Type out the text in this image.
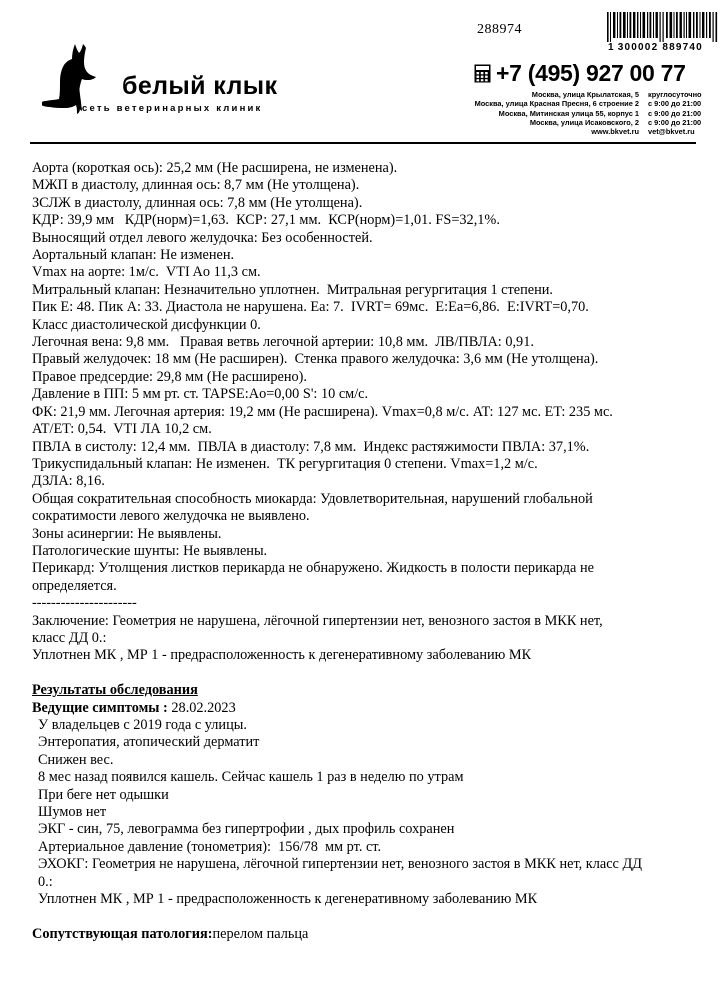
белый клык
сеть ветеринарных клиник
288974
1 300002 889740
+7 (495) 927 00 77
Москва, улица Крылатская, 5	круглосуточно
Москва, улица Красная Пресня, 6 строение 2	с 9:00 до 21:00
Москва, Митинская улица 55, корпус 1	с 9:00 до 21:00
Москва, улица Исаковского, 2	с 9:00 до 21:00
www.bkvet.ru	vet@bkvet.ru
Аорта (короткая ось): 25,2 мм (Не расширена, не изменена).
МЖП в диастолу, длинная ось: 8,7 мм (Не утолщена).
ЗСЛЖ в диастолу, длинная ось: 7,8 мм (Не утолщена).
КДР: 39,9 мм   КДР(норм)=1,63.  КСР: 27,1 мм.  КСР(норм)=1,01. FS=32,1%.
Выносящий отдел левого желудочка: Без особенностей.
Аортальный клапан: Не изменен.
Vmax на аорте: 1м/с.  VTI Ao 11,3 см.
Митральный клапан: Незначительно уплотнен.  Митральная регургитация 1 степени.
Пик Е: 48. Пик А: 33. Диастола не нарушена. Ea: 7.  IVRT= 69мс.  E:Ea=6,86.  E:IVRT=0,70.
Класс диастолической дисфункции 0.
Легочная вена: 9,8 мм.   Правая ветвь легочной артерии: 10,8 мм.  ЛВ/ПВЛА: 0,91.
Правый желудочек: 18 мм (Не расширен).  Стенка правого желудочка: 3,6 мм (Не утолщена).
Правое предсердие: 29,8 мм (Не расширено).
Давление в ПП: 5 мм рт. ст. TAPSE:Ao=0,00 S': 10 см/с.
ФК: 21,9 мм. Легочная артерия: 19,2 мм (Не расширена). Vmax=0,8 м/с. AT: 127 мс. ET: 235 мс.
AT/ET: 0,54.  VTI ЛА 10,2 см.
ПВЛА в систолу: 12,4 мм.  ПВЛА в диастолу: 7,8 мм.  Индекс растяжимости ПВЛА: 37,1%.
Трикуспидальный клапан: Не изменен.  ТК регургитация 0 степени. Vmax=1,2 м/с.
ДЗЛА: 8,16.
Общая сократительная способность миокарда: Удовлетворительная, нарушений глобальной
сократимости левого желудочка не выявлено.
Зоны асинергии: Не выявлены.
Патологические шунты: Не выявлены.
Перикард: Утолщения листков перикарда не обнаружено. Жидкость в полости перикарда не
определяется.
----------------------
Заключение: Геометрия не нарушена, лёгочной гипертензии нет, венозного застоя в МКК нет,
класс ДД 0.:
Уплотнен МК , МР 1 - предрасположенность к дегенеративному заболеванию МК
Результаты обследования
Ведущие симптомы : 28.02.2023
У владельцев с 2019 года с улицы.
Энтеропатия, атопический дерматит
Снижен вес.
8 мес назад появился кашель. Сейчас кашель 1 раз в неделю по утрам
При беге нет одышки
Шумов нет
ЭКГ - син, 75, левограмма без гипертрофии , дых профиль сохранен
Артериальное давление (тонометрия):  156/78  мм рт. ст.
ЭХОКГ: Геометрия не нарушена, лёгочной гипертензии нет, венозного застоя в МКК нет, класс ДД
0.:
Уплотнен МК , МР 1 - предрасположенность к дегенеративному заболеванию МК
Сопутствующая патология:перелом пальца
